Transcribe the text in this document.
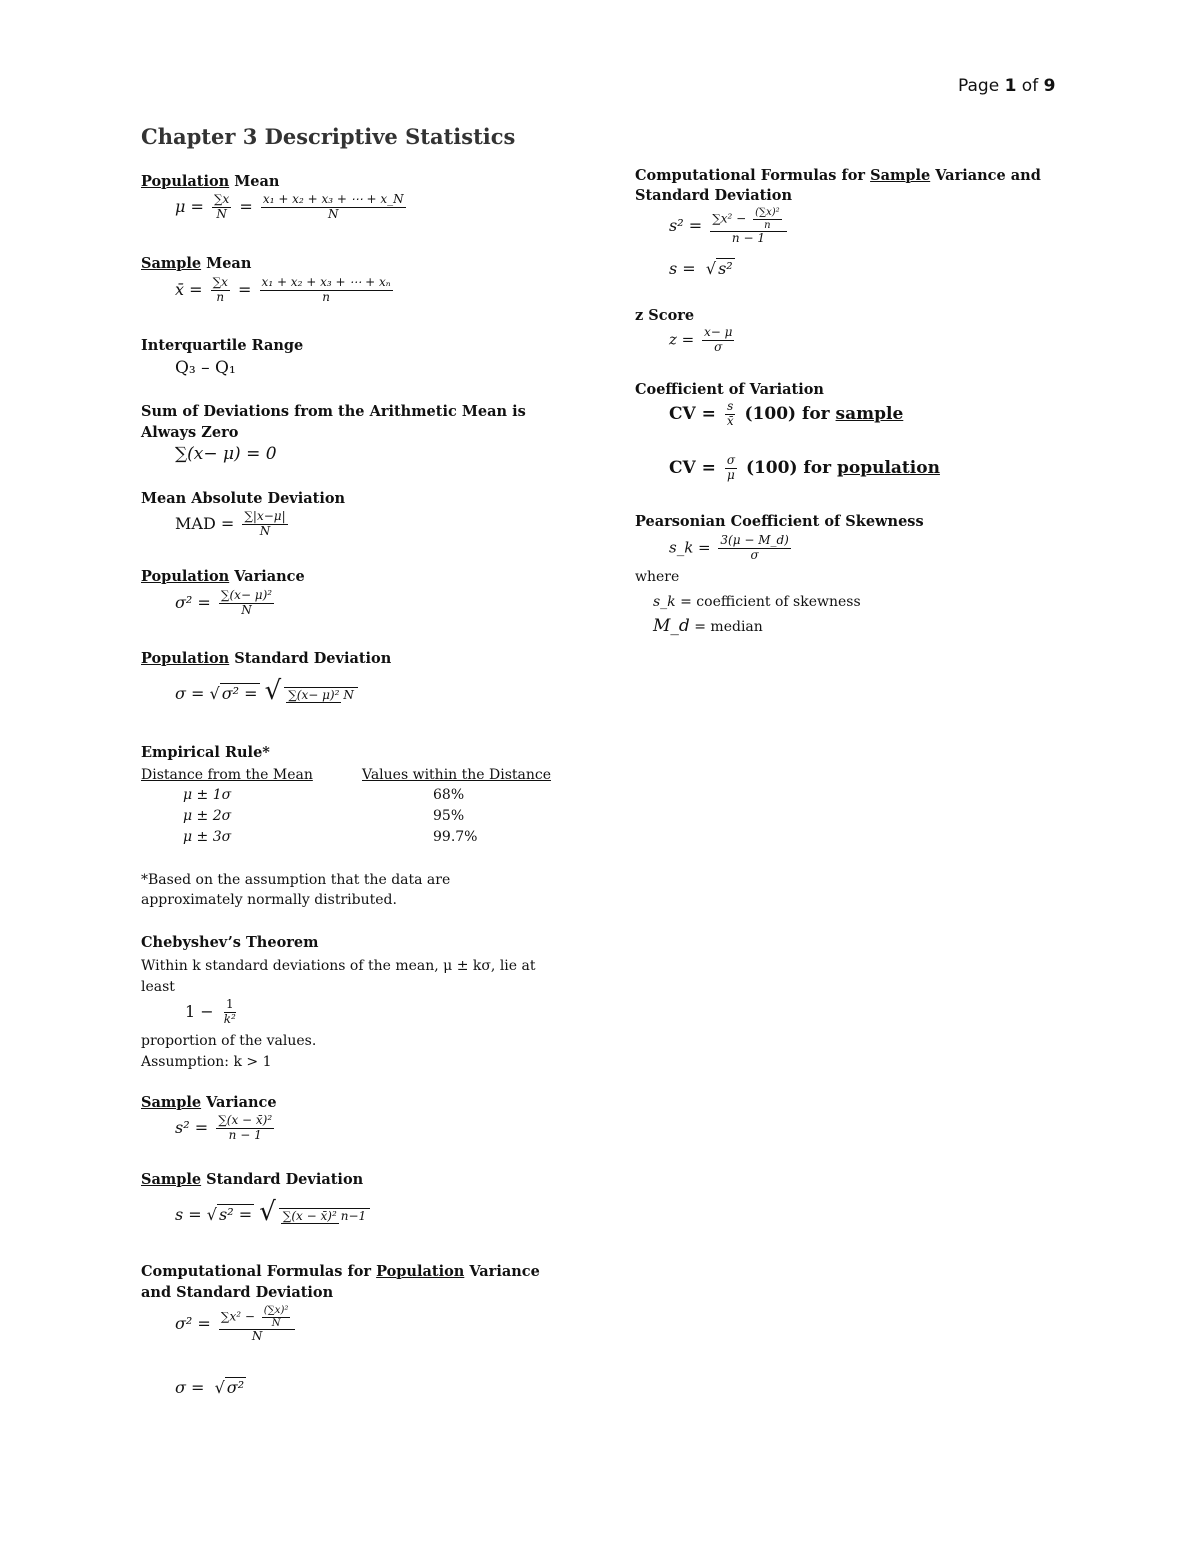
Page 1 of 9
Chapter 3 Descriptive Statistics
Population Mean
$\mu = \frac{\sum x}{N} = \frac{\text{x₁ + x₂ + x₃ + ⋯ + x\_N}}{N}$
Sample Mean
x̄ = $\frac{\sum x}{n} = \frac{\text{x₁ + x₂ + x₃ + ⋯ + xₙ}}{n}$
Interquartile Range
Q₃ – Q₁
Sum of Deviations from the Arithmetic Mean is
Always Zero
∑(x− μ) = 0
Mean Absolute Deviation
MAD = $\frac{\sum|x-\mu|}{N}$
Population Variance
$\sigma^2 = \frac{\text{∑(x− μ)²}}{N}$
Population Standard Deviation
σ = √ σ² = √ ∑(x− μ)² N
Empirical Rule*
Distance from the Mean	Values within the Distance
μ ± 1σ	68%
μ ± 2σ	95%
μ ± 3σ	99.7%
*Based on the assumption that the data are
approximately normally distributed.
Chebyshev’s Theorem
Within k standard deviations of the mean, μ ± kσ, lie at
least
$1 - \frac{1}{\text{k²}}$
proportion of the values.
Assumption: k > 1
Sample Variance
$s^2 = \frac{\text{∑(x − x̄)²}}{n - 1}$
Sample Standard Deviation
s = √ s² = √ ∑(x − x̄)² n−1
Computational Formulas for Population Variance
and Standard Deviation
$\sigma^2 = \frac{\sum x^2 - \frac{\text{(∑x)²}}{N}}{N}$
σ = √ σ²
Computational Formulas for Sample Variance and
Standard Deviation
$s^2 = \frac{\sum x^2 - \frac{\text{(∑x)²}}{n}}{n - 1}$
s = √ s²
z Score
$z = \frac{x- \mu}{\sigma}$
Coefficient of Variation
CV = $\frac{s}{x̄} (100)$ for sample
CV = $\frac{\sigma}{\mu} (100)$ for population
Pearsonian Coefficient of Skewness
s_k = $\frac{3(\mu - M\_d)}{\sigma}$
where
s_k = coefficient of skewness
M_d = median
